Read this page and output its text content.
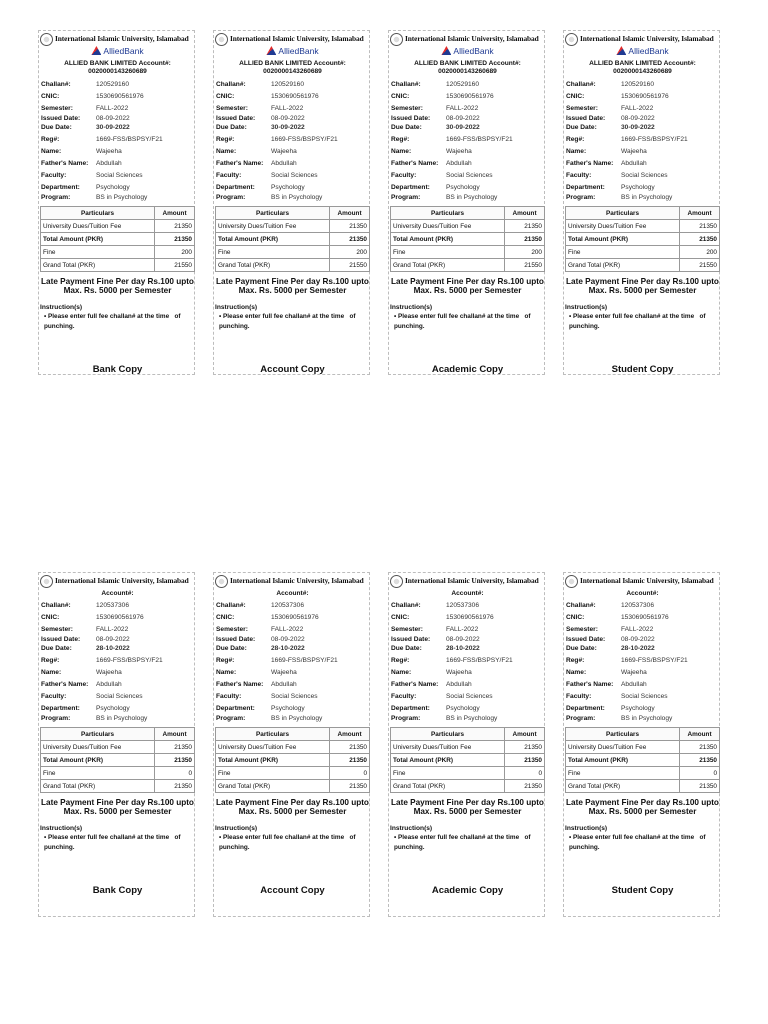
International Islamic University, Islamabad
AlliedBank
ALLIED BANK LIMITED Account#:
0020000143260689
Challan#:	120529160
CNIC:	1530690561976
Semester:	FALL-2022
Issued Date: 08-09-2022
Due Date:	30-09-2022
Reg#:	1669-FSS/BSPSY/F21
Name:	Wajeeha
Father's Name: Abdullah
Faculty:	Social Sciences
Department: Psychology
Program:	BS in Psychology
Particulars	Amount
University Dues/Tuition Fee	21350
Total Amount (PKR)	21350
Fine	200
Grand Total (PKR)	21550
Late Payment Fine Per day Rs.100 upto Max. Rs. 5000 per Semester
Instruction(s)
• Please enter full fee challan# at the time   of punching.
Bank Copy
International Islamic University, Islamabad
AlliedBank
ALLIED BANK LIMITED Account#:
0020000143260689
Challan#:	120529160
CNIC:	1530690561976
Semester:	FALL-2022
Issued Date: 08-09-2022
Due Date:	30-09-2022
Reg#:	1669-FSS/BSPSY/F21
Name:	Wajeeha
Father's Name: Abdullah
Faculty:	Social Sciences
Department: Psychology
Program:	BS in Psychology
Particulars	Amount
University Dues/Tuition Fee	21350
Total Amount (PKR)	21350
Fine	200
Grand Total (PKR)	21550
Late Payment Fine Per day Rs.100 upto Max. Rs. 5000 per Semester
Instruction(s)
• Please enter full fee challan# at the time   of punching.
Account Copy
International Islamic University, Islamabad
AlliedBank
ALLIED BANK LIMITED Account#:
0020000143260689
Challan#:	120529160
CNIC:	1530690561976
Semester:	FALL-2022
Issued Date: 08-09-2022
Due Date:	30-09-2022
Reg#:	1669-FSS/BSPSY/F21
Name:	Wajeeha
Father's Name: Abdullah
Faculty:	Social Sciences
Department: Psychology
Program:	BS in Psychology
Particulars	Amount
University Dues/Tuition Fee	21350
Total Amount (PKR)	21350
Fine	200
Grand Total (PKR)	21550
Late Payment Fine Per day Rs.100 upto Max. Rs. 5000 per Semester
Instruction(s)
• Please enter full fee challan# at the time   of punching.
Academic Copy
International Islamic University, Islamabad
AlliedBank
ALLIED BANK LIMITED Account#:
0020000143260689
Challan#:	120529160
CNIC:	1530690561976
Semester:	FALL-2022
Issued Date: 08-09-2022
Due Date:	30-09-2022
Reg#:	1669-FSS/BSPSY/F21
Name:	Wajeeha
Father's Name: Abdullah
Faculty:	Social Sciences
Department: Psychology
Program:	BS in Psychology
Particulars	Amount
University Dues/Tuition Fee	21350
Total Amount (PKR)	21350
Fine	200
Grand Total (PKR)	21550
Late Payment Fine Per day Rs.100 upto Max. Rs. 5000 per Semester
Instruction(s)
• Please enter full fee challan# at the time   of punching.
Student Copy
International Islamic University, Islamabad
Account#:
Challan#:	120537306
CNIC:	1530690561976
Semester:	FALL-2022
Issued Date: 08-09-2022
Due Date:	28-10-2022
Reg#:	1669-FSS/BSPSY/F21
Name:	Wajeeha
Father's Name: Abdullah
Faculty:	Social Sciences
Department: Psychology
Program:	BS in Psychology
Particulars	Amount
University Dues/Tuition Fee	21350
Total Amount (PKR)	21350
Fine	0
Grand Total (PKR)	21350
Late Payment Fine Per day Rs.100 upto Max. Rs. 5000 per Semester
Instruction(s)
• Please enter full fee challan# at the time   of punching.
Bank Copy
International Islamic University, Islamabad
Account#:
Challan#:	120537306
CNIC:	1530690561976
Semester:	FALL-2022
Issued Date: 08-09-2022
Due Date:	28-10-2022
Reg#:	1669-FSS/BSPSY/F21
Name:	Wajeeha
Father's Name: Abdullah
Faculty:	Social Sciences
Department: Psychology
Program:	BS in Psychology
Particulars	Amount
University Dues/Tuition Fee	21350
Total Amount (PKR)	21350
Fine	0
Grand Total (PKR)	21350
Late Payment Fine Per day Rs.100 upto Max. Rs. 5000 per Semester
Instruction(s)
• Please enter full fee challan# at the time   of punching.
Account Copy
International Islamic University, Islamabad
Account#:
Challan#:	120537306
CNIC:	1530690561976
Semester:	FALL-2022
Issued Date: 08-09-2022
Due Date:	28-10-2022
Reg#:	1669-FSS/BSPSY/F21
Name:	Wajeeha
Father's Name: Abdullah
Faculty:	Social Sciences
Department: Psychology
Program:	BS in Psychology
Particulars	Amount
University Dues/Tuition Fee	21350
Total Amount (PKR)	21350
Fine	0
Grand Total (PKR)	21350
Late Payment Fine Per day Rs.100 upto Max. Rs. 5000 per Semester
Instruction(s)
• Please enter full fee challan# at the time   of punching.
Academic Copy
International Islamic University, Islamabad
Account#:
Challan#:	120537306
CNIC:	1530690561976
Semester:	FALL-2022
Issued Date: 08-09-2022
Due Date:	28-10-2022
Reg#:	1669-FSS/BSPSY/F21
Name:	Wajeeha
Father's Name: Abdullah
Faculty:	Social Sciences
Department: Psychology
Program:	BS in Psychology
Particulars	Amount
University Dues/Tuition Fee	21350
Total Amount (PKR)	21350
Fine	0
Grand Total (PKR)	21350
Late Payment Fine Per day Rs.100 upto Max. Rs. 5000 per Semester
Instruction(s)
• Please enter full fee challan# at the time   of punching.
Student Copy
